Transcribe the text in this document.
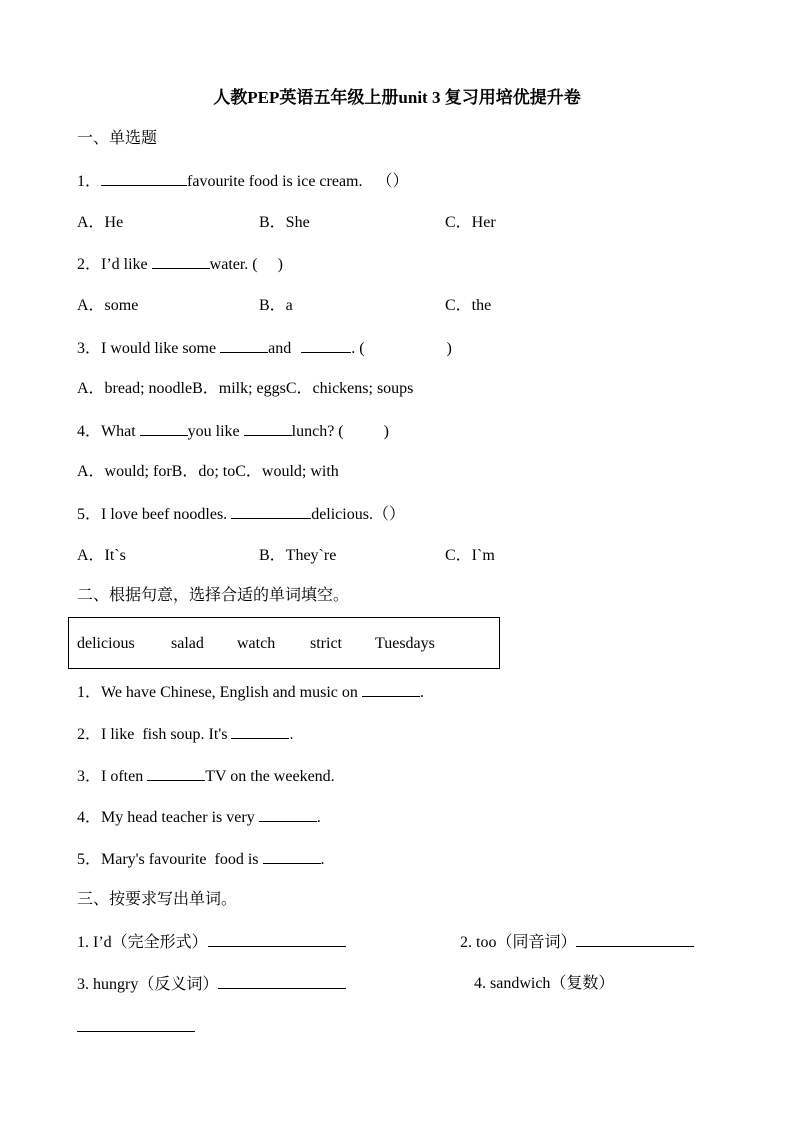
人教PEP英语五年级上册unit 3 复习用培优提升卷
一、单选题
1．	favourite food is ice cream. （）
A．He	B．She	C．Her
2．I’d like	water. ( )
A．some	B．a	C．the
3．I would like some	and	. (	)
A．bread; noodleB．milk; eggsC．chickens; soups
4．What	you like	lunch? (	)
A．would; forB．do; toC．would; with
5．I love beef noodles.	delicious.（）
A．It`s	B．They`re	C．I`m
二、根据句意，选择合适的单词填空。
delicious salad watch strict Tuesdays
1．We have Chinese, English and music on	.
2．I like  fish soup. It's	.
3．I often	TV on the weekend.
4．My head teacher is very	.
5．Mary's favourite  food is	.
三、按要求写出单词。
1. I’d（完全形式）	2. too（同音词）
3. hungry（反义词）	4. sandwich（复数）
